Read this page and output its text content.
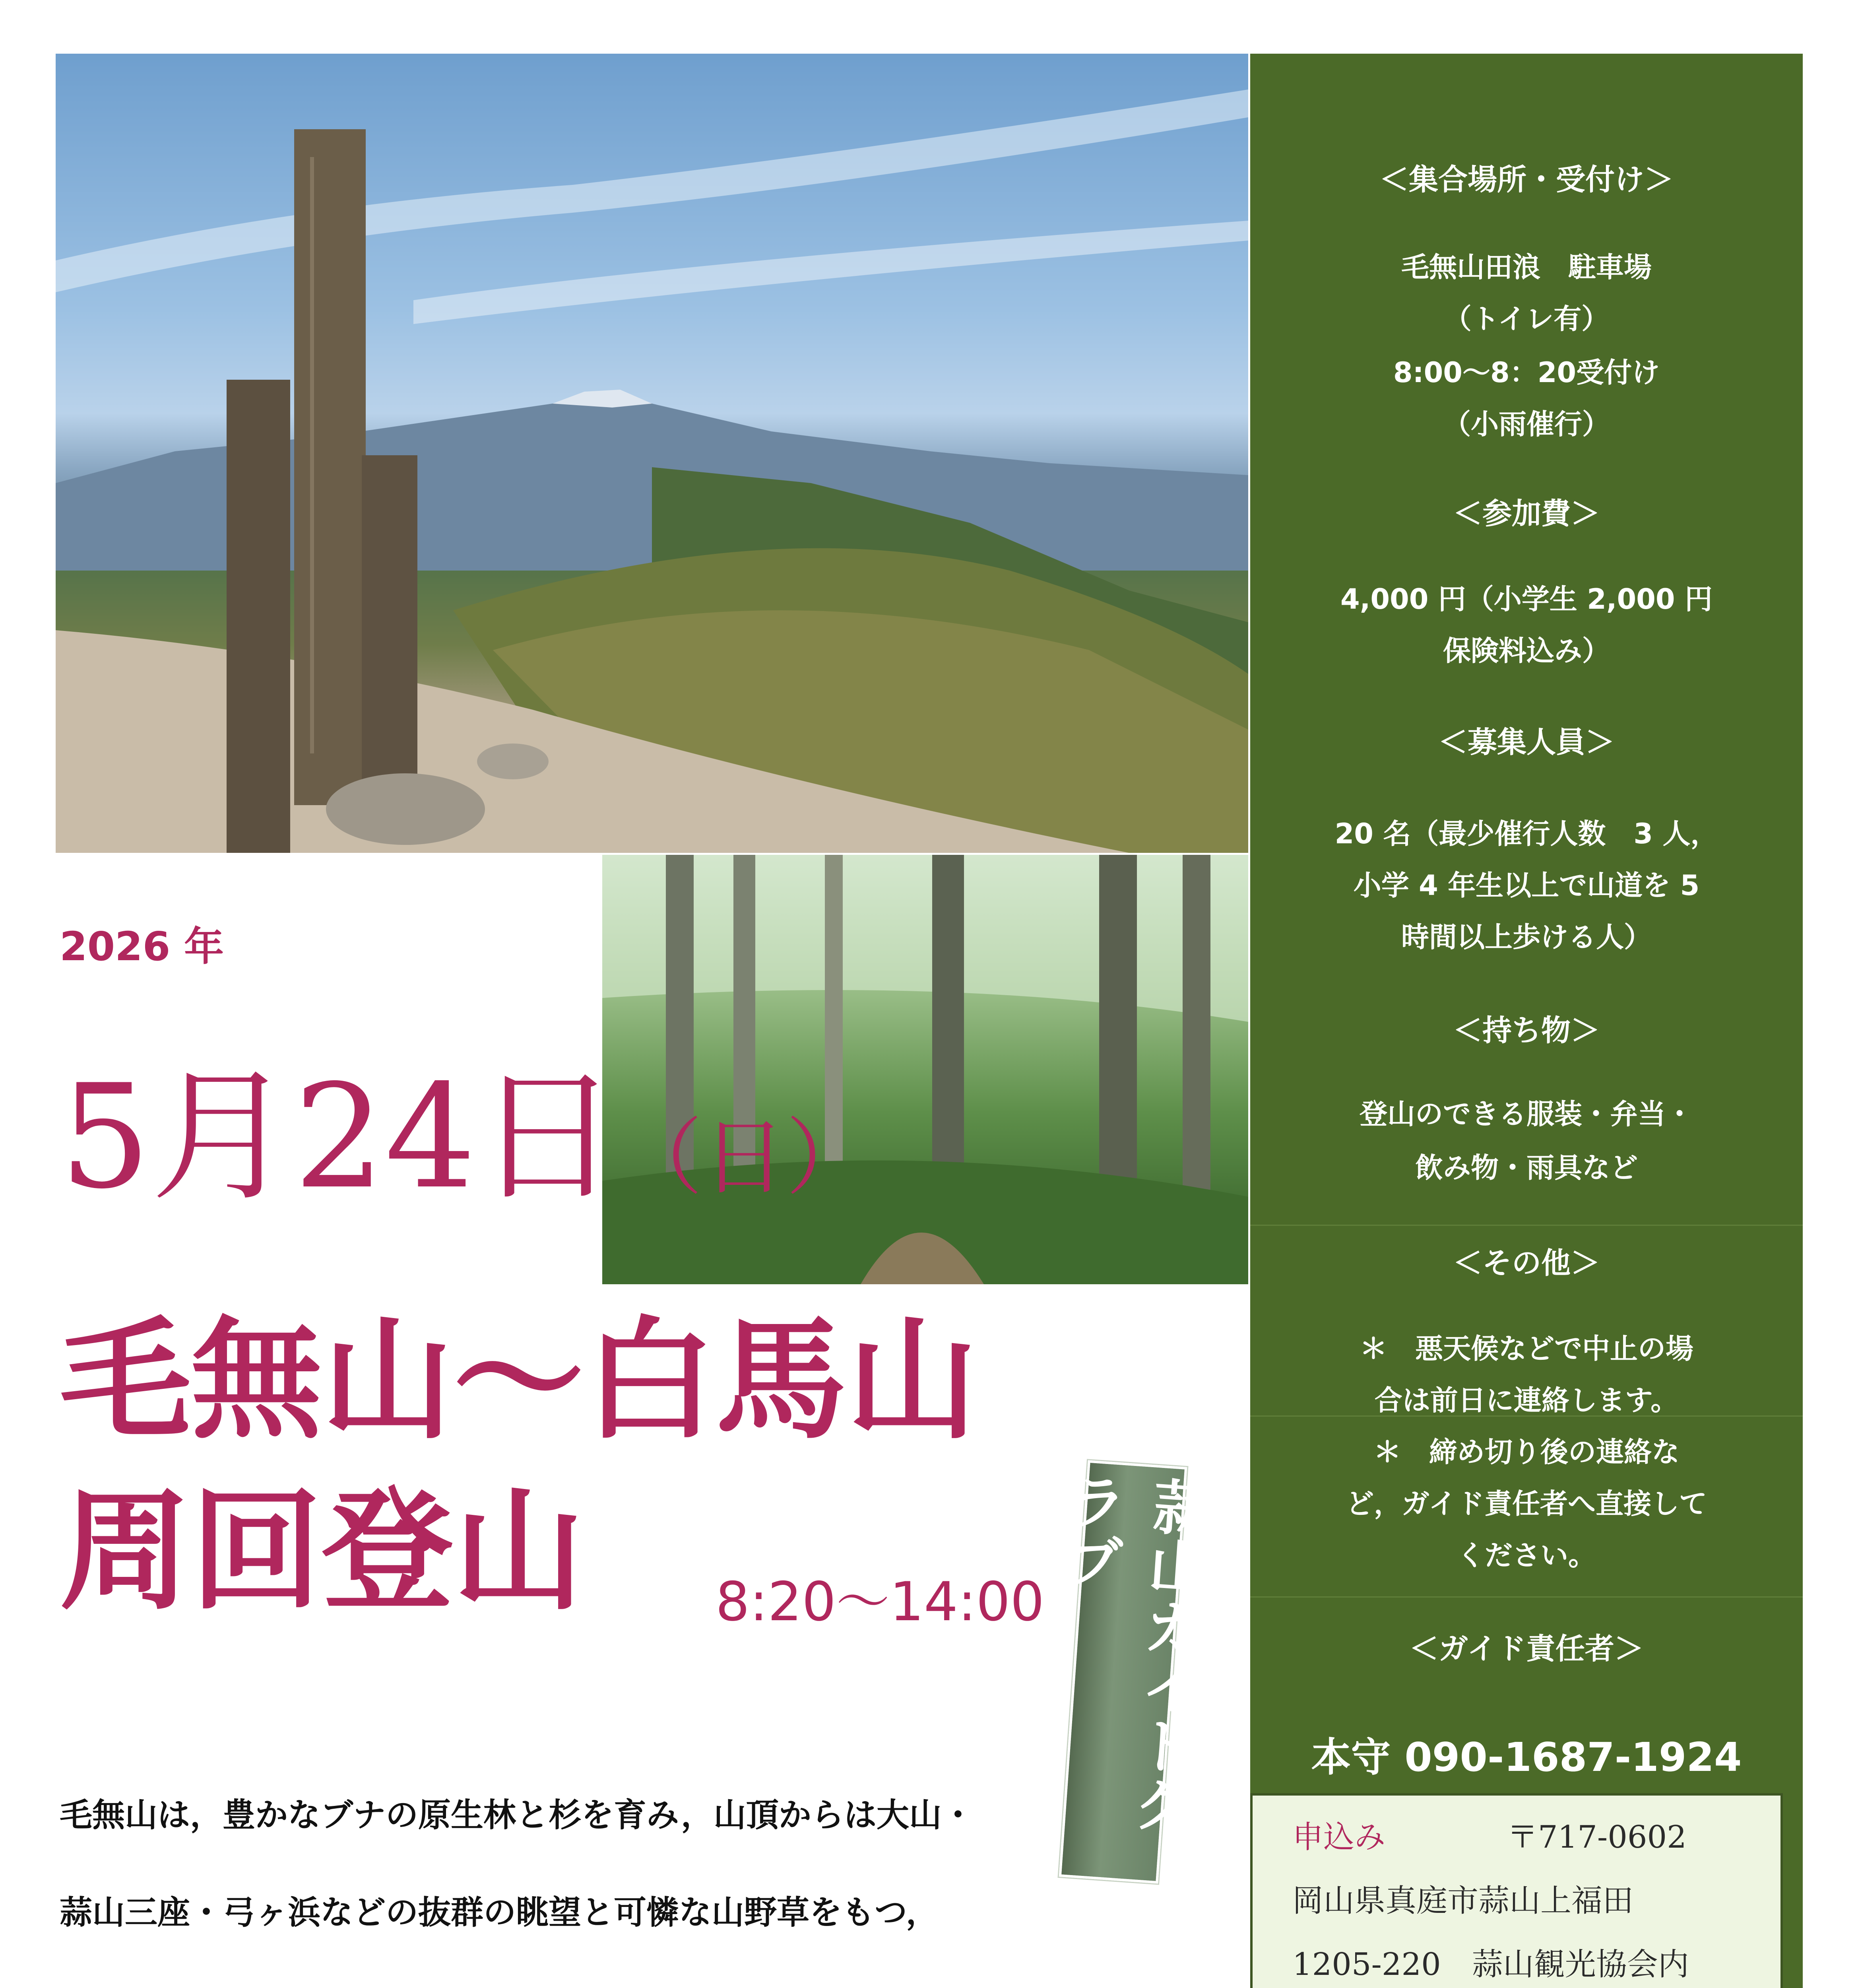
＜集合場所・受付け＞
毛無山田浪　駐車場
（トイレ有）
8:00～8：20受付け
（小雨催行）
＜参加費＞
4,000 円（小学生 2,000 円
保険料込み）
＜募集人員＞
20 名（最少催行人数　3 人，
小学 4 年生以上で山道を 5
時間以上歩ける人）
＜持ち物＞
登山のできる服装・弁当・
飲み物・雨具など
＜その他＞
＊　悪天候などで中止の場
合は前日に連絡します。
＊　締め切り後の連絡な
ど，ガイド責任者へ直接して
ください。
＜ガイド責任者＞
本守 090-1687-1924
申込み	〒717-0602
岡山県真庭市蒜山上福田
1205-220　蒜山観光協会内
2026 年
5月24日（日）
毛無山～白馬山
周回登山 8:20～14:00	蒜山ガイドクラブ
毛無山は，豊かなブナの原生林と杉を育み，山頂からは大山・
蒜山三座・弓ヶ浜などの抜群の眺望と可憐な山野草をもつ，
